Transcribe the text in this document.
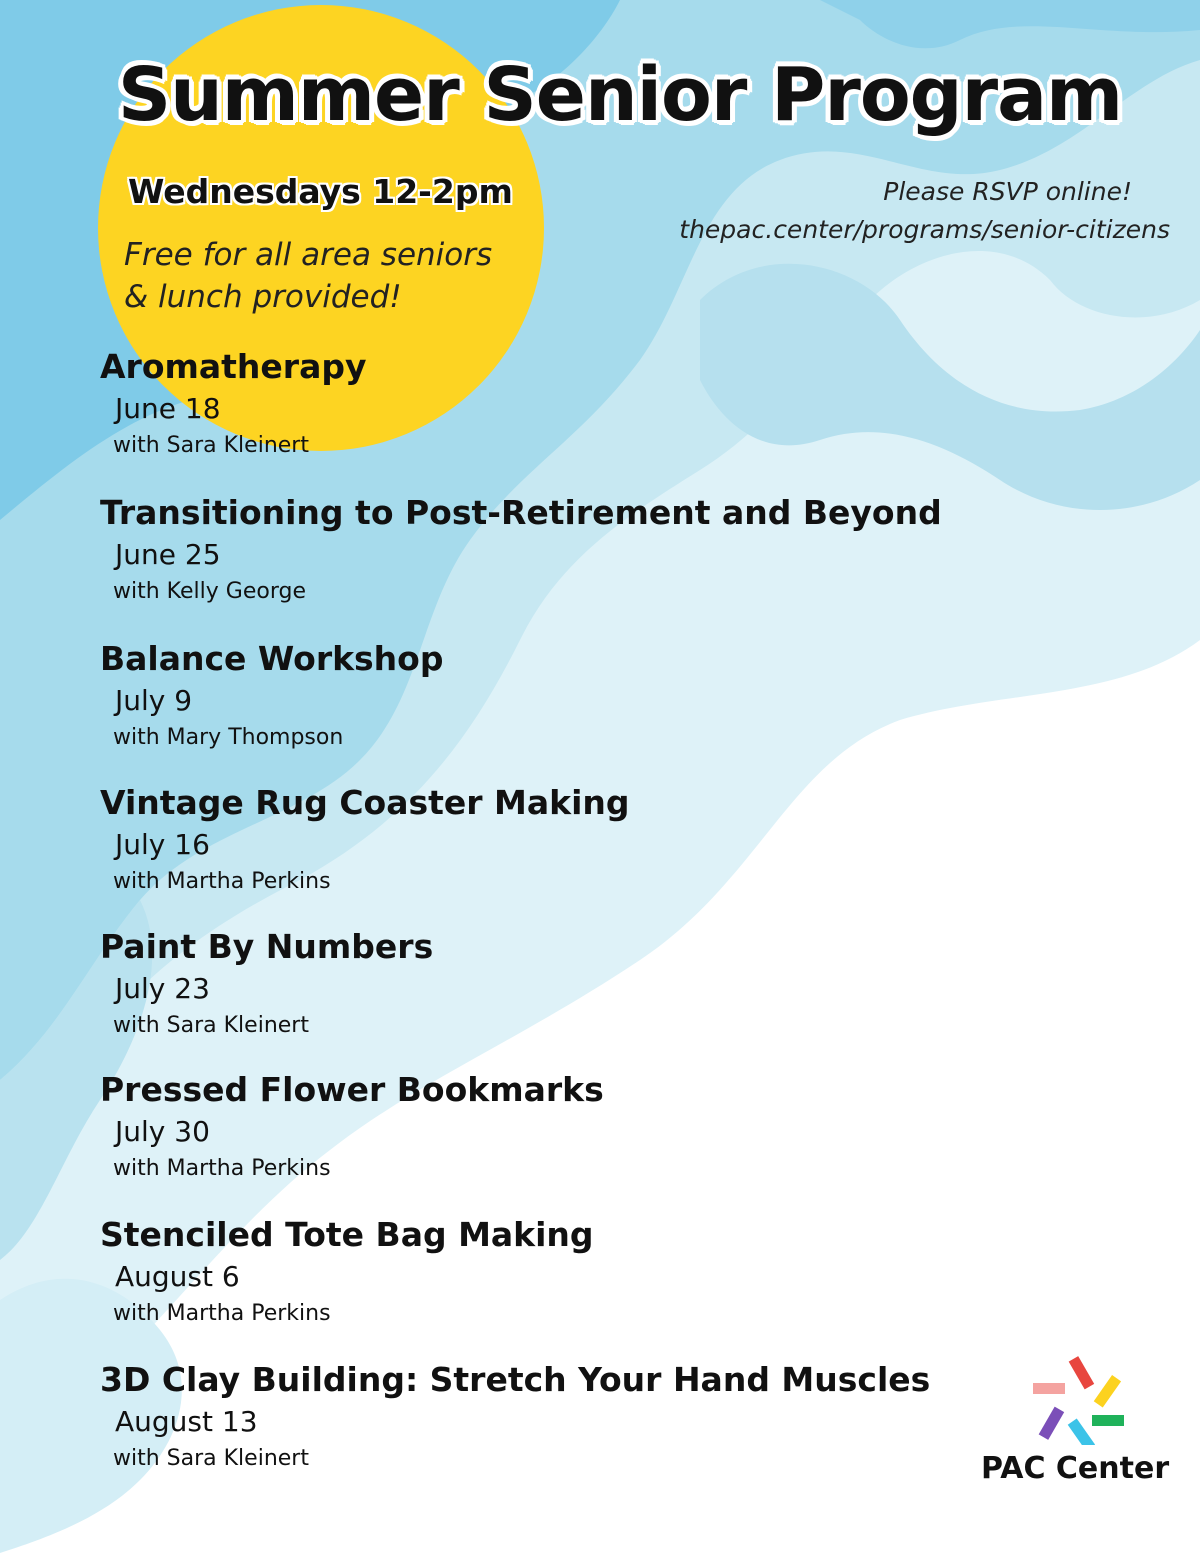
Summer Senior Program
Wednesdays 12-2pm
Free for all area seniors
& lunch provided!
Please RSVP online!
thepac.center/programs/senior-citizens
Aromatherapy
June 18
with Sara Kleinert
Transitioning to Post-Retirement and Beyond
June 25
with Kelly George
Balance Workshop
July 9
with Mary Thompson
Vintage Rug Coaster Making
July 16
with Martha Perkins
Paint By Numbers
July 23
with Sara Kleinert
Pressed Flower Bookmarks
July 30
with Martha Perkins
Stenciled Tote Bag Making
August 6
with Martha Perkins
3D Clay Building: Stretch Your Hand Muscles
August 13
with Sara Kleinert	PAC Center
